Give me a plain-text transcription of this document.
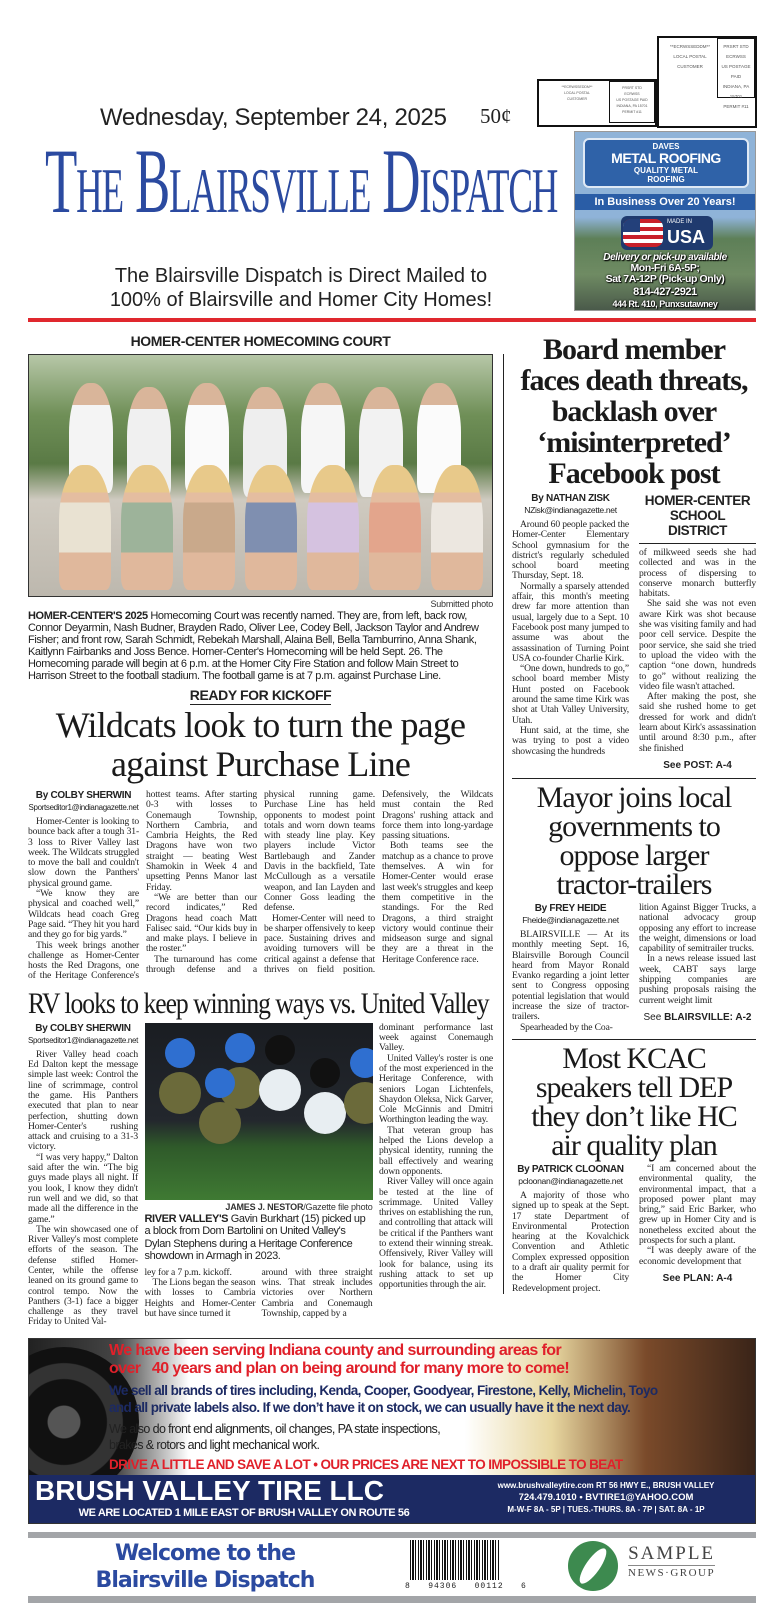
**ECRWSSEDDM**
LOCAL POSTAL
CUSTOMER
PRSRT STD
ECRWSS
US POSTAGE PAID
INDIANA, PA 15701
PERMIT #11
**ECRWSSEDDM**
LOCAL POSTAL
CUSTOMER
PRSRT STD
ECRWSS
US POSTAGE PAID
INDIANA, PA 15701
PERMIT #11
Wednesday, September 24, 2025 50¢
The Blairsville Dispatch
The Blairsville Dispatch is Direct Mailed to
100% of Blairsville and Homer City Homes!
DAVES
METAL ROOFING
QUALITY METAL
ROOFING
In Business Over 20 Years!
MADE IN
USA
Delivery or pick-up available
Mon-Fri 6A-5P;
Sat 7A-12P (Pick-up Only)
814-427-2921
444 Rt. 410, Punxsutawney
HOMER-CENTER HOMECOMING COURT
Submitted photo
HOMER-CENTER'S 2025 Homecoming Court was recently named. They are, from left, back row, Connor Deyarmin, Nash Budner, Brayden Rado, Oliver Lee, Codey Bell, Jackson Taylor and Andrew Fisher; and front row, Sarah Schmidt, Rebekah Marshall, Alaina Bell, Bella Tamburrino, Anna Shank, Kaitlynn Fairbanks and Joss Bence. Homer-Center's Homecoming will be held Sept. 26. The Homecoming parade will begin at 6 p.m. at the Homer City Fire Station and follow Main Street to Harrison Street to the football stadium. The football game is at 7 p.m. against Purchase Line.
READY FOR KICKOFF
Wildcats look to turn the page
against Purchase Line
By COLBY SHERWIN
Sportseditor1@indianagazette.net

Homer-Center is looking to bounce back after a tough 31-3 loss to River Valley last week. The Wildcats struggled to move the ball and couldn't slow down the Panthers' physical ground game.

“We know they are physical and coached well,” Wildcats head coach Greg Page said. “They hit you hard and they go for big yards.”

This week brings another challenge as Homer-Center hosts the Red Dragons, one of the Heritage Conference's hottest teams. After starting 0-3 with losses to Conemaugh Township, Northern Cambria, and Cambria Heights, the Red Dragons have won two straight — beating West Shamokin in Week 4 and upsetting Penns Manor last Friday.

“We are better than our record indicates,” Red Dragons head coach Matt Falisec said. “Our kids buy in and make plays. I believe in the roster.”

The turnaround has come through defense and a physical running game. Purchase Line has held opponents to modest point totals and worn down teams with steady line play. Key players include Victor Bartlebaugh and Zander Davis in the backfield, Tate McCullough as a versatile weapon, and Ian Layden and Conner Goss leading the defense.

Homer-Center will need to be sharper offensively to keep pace. Sustaining drives and avoiding turnovers will be critical against a defense that thrives on field position. Defensively, the Wildcats must contain the Red Dragons' rushing attack and force them into long-yardage passing situations.

Both teams see the matchup as a chance to prove themselves. A win for Homer-Center would erase last week's struggles and keep them competitive in the standings. For the Red Dragons, a third straight victory would continue their midseason surge and signal they are a threat in the Heritage Conference race.

RV looks to keep winning ways vs. United Valley
By COLBY SHERWIN
Sportseditor1@indianagazette.net

River Valley head coach Ed Dalton kept the message simple last week: Control the line of scrimmage, control the game. His Panthers executed that plan to near perfection, shutting down Homer-Center's rushing attack and cruising to a 31-3 victory.

“I was very happy,” Dalton said after the win. “The big guys made plays all night. If you look, I know they didn't run well and we did, so that made all the difference in the game.”

The win showcased one of River Valley's most complete efforts of the season. The defense stifled Homer-Center, while the offense leaned on its ground game to control tempo. Now the Panthers (3-1) face a bigger challenge as they travel Friday to United Val-

JAMES J. NESTOR/Gazette file photo
RIVER VALLEY'S Gavin Burkhart (15) picked up a block from Dom Bartolini on United Valley's Dylan Stephens during a Heritage Conference showdown in Armagh in 2023.

ley for a 7 p.m. kickoff.

The Lions began the season with losses to Cambria Heights and Homer-Center but have since turned it

around with three straight wins. That streak includes victories over Northern Cambria and Conemaugh Township, capped by a

dominant performance last week against Conemaugh Valley.

United Valley's roster is one of the most experienced in the Heritage Conference, with seniors Logan Lichtenfels, Shaydon Oleksa, Nick Garver, Cole McGinnis and Dmitri Worthington leading the way.

That veteran group has helped the Lions develop a physical identity, running the ball effectively and wearing down opponents.

River Valley will once again be tested at the line of scrimmage. United Valley thrives on establishing the run, and controlling that attack will be critical if the Panthers want to extend their winning streak. Offensively, River Valley will look for balance, using its rushing attack to set up opportunities through the air.

Board member
faces death threats,
backlash over
‘misinterpreted’
Facebook post
By NATHAN ZISK
NZisk@indianagazette.net

Around 60 people packed the Homer-Center Elementary School gymnasium for the district's regularly scheduled school board meeting Thursday, Sept. 18.

Normally a sparsely attended affair, this month's meeting drew far more attention than usual, largely due to a Sept. 10 Facebook post many jumped to assume was about the assassination of Turning Point USA co-founder Charlie Kirk.

“One down, hundreds to go,” school board member Misty Hunt posted on Facebook around the same time Kirk was shot at Utah Valley University, Utah.

Hunt said, at the time, she was trying to post a video showcasing the hundreds

HOMER-CENTER
SCHOOL DISTRICT

of milkweed seeds she had collected and was in the process of dispersing to conserve monarch butterfly habitats.

She said she was not even aware Kirk was shot because she was visiting family and had poor cell service. Despite the poor service, she said she tried to upload the video with the caption “one down, hundreds to go” without realizing the video file wasn't attached.

After making the post, she said she rushed home to get dressed for work and didn't learn about Kirk's assassination until around 8:30 p.m., after she finished

See POST: A-4
Mayor joins local
governments to
oppose larger
tractor-trailers
By FREY HEIDE
Fheide@indianagazette.net

BLAIRSVILLE — At its monthly meeting Sept. 16, Blairsville Borough Council heard from Mayor Ronald Evanko regarding a joint letter sent to Congress opposing potential legislation that would increase the size of tractor-trailers.

Spearheaded by the Coa-

lition Against Bigger Trucks, a national advocacy group opposing any effort to increase the weight, dimensions or load capability of semitrailer trucks.

In a news release issued last week, CABT says large shipping companies are pushing proposals raising the current weight limit

See BLAIRSVILLE: A-2
Most KCAC
speakers tell DEP
they don’t like HC
air quality plan
By PATRICK CLOONAN
pcloonan@indianagazette.net

A majority of those who signed up to speak at the Sept. 17 state Department of Environmental Protection hearing at the Kovalchick Convention and Athletic Complex expressed opposition to a draft air quality permit for the Homer City Redevelopment project.

“I am concerned about the environmental quality, the environmental impact, that a proposed power plant may bring,” said Eric Barker, who grew up in Homer City and is nonetheless excited about the prospects for such a plant.

“I was deeply aware of the economic development that

See PLAN: A-4
We have been serving Indiana county and surrounding areas for
over   40 years and plan on being around for many more to come!
We sell all brands of tires including, Kenda, Cooper, Goodyear, Firestone, Kelly, Michelin, Toyo
and all private labels also. If we don’t have it on stock, we can usually have it the next day.
We also do front end alignments, oil changes, PA state inspections,
brakes & rotors and light mechanical work.
DRIVE A LITTLE AND SAVE A LOT • OUR PRICES ARE NEXT TO IMPOSSIBLE TO BEAT
BRUSH VALLEY TIRE LLC
WE ARE LOCATED 1 MILE EAST OF BRUSH VALLEY ON ROUTE 56
www.brushvalleytire.com RT 56 HWY E., BRUSH VALLEY
724.479.1010 • BVTIRE1@YAHOO.COM
M-W-F 8A - 5P | TUES.-THURS. 8A - 7P | SAT. 8A - 1P
Welcome to the
Blairsville Dispatch	8   94306   00112   6
SAMPLE
NEWS·GROUP
